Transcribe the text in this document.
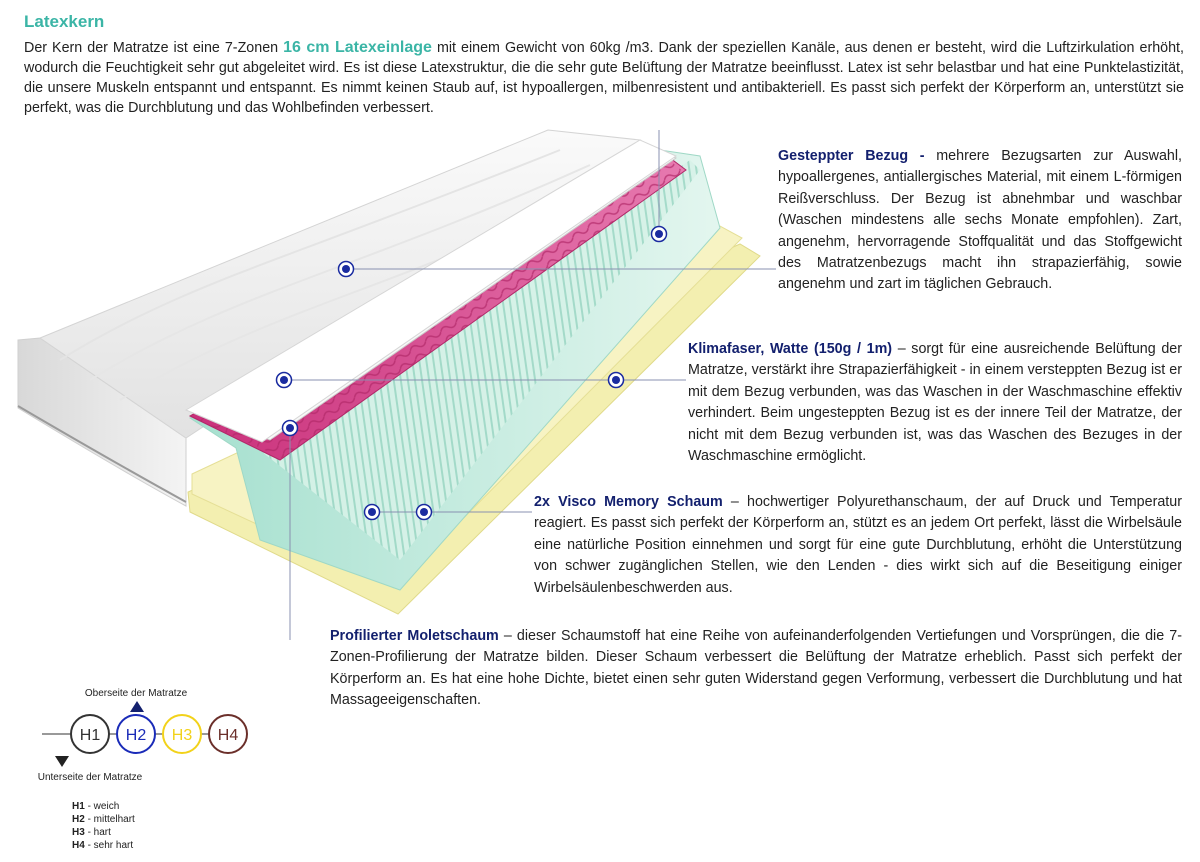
Latexkern
Der Kern der Matratze ist eine 7-Zonen 16 cm Latexeinlage mit einem Gewicht von 60kg /m3. Dank der speziellen Kanäle, aus denen er besteht, wird die Luftzirkulation erhöht, wodurch die Feuchtigkeit sehr gut abgeleitet wird. Es ist diese Latexstruktur, die die sehr gute Belüftung der Matratze beeinflusst. Latex ist sehr belastbar und hat eine Punktelastizität, die unsere Muskeln entspannt und entspannt. Es nimmt keinen Staub auf, ist hypoallergen, milbenresistent und antibakteriell. Es passt sich perfekt der Körperform an, unterstützt sie perfekt, was die Durchblutung und das Wohlbefinden verbessert.
Gesteppter Bezug - mehrere Bezugsarten zur Auswahl, hypoallergenes, antiallergisches Material, mit einem L-förmigen Reißverschluss. Der Bezug ist abnehmbar und waschbar (Waschen mindestens alle sechs Monate empfohlen). Zart, angenehm, hervorragende Stoffqualität und das Stoffgewicht des Matratzenbezugs macht ihn strapazierfähig, sowie angenehm und zart im täglichen Gebrauch.
Klimafaser, Watte (150g / 1m) – sorgt für eine ausreichende Belüftung der Matratze, verstärkt ihre Strapazierfähigkeit - in einem versteppten Bezug ist er mit dem Bezug verbunden, was das Waschen in der Waschmaschine effektiv verhindert. Beim ungesteppten Bezug ist es der innere Teil der Matratze, der nicht mit dem Bezug verbunden ist, was das Waschen des Bezuges in der Waschmaschine ermöglicht.
2x Visco Memory Schaum – hochwertiger Polyurethanschaum, der auf Druck und Temperatur reagiert. Es passt sich perfekt der Körperform an, stützt es an jedem Ort perfekt, lässt die Wirbelsäule eine natürliche Position einnehmen und sorgt für eine gute Durchblutung, erhöht die Unterstützung von schwer zugänglichen Stellen, wie den Lenden - dies wirkt sich auf die Beseitigung einiger Wirbelsäulenbeschwerden aus.
Profilierter Moletschaum – dieser Schaumstoff hat eine Reihe von aufeinanderfolgenden Vertiefungen und Vorsprüngen, die die 7-Zonen-Profilierung der Matratze bilden. Dieser Schaum verbessert die Belüftung der Matratze erheblich. Passt sich perfekt der Körperform an. Es hat eine hohe Dichte, bietet einen sehr guten Widerstand gegen Verformung, verbessert die Durchblutung und hat Massageeigenschaften.
Oberseite der Matratze
H1 H2 H3 H4
Unterseite der Matratze
H1 - weich
H2 - mittelhart
H3 - hart
H4 - sehr hart
